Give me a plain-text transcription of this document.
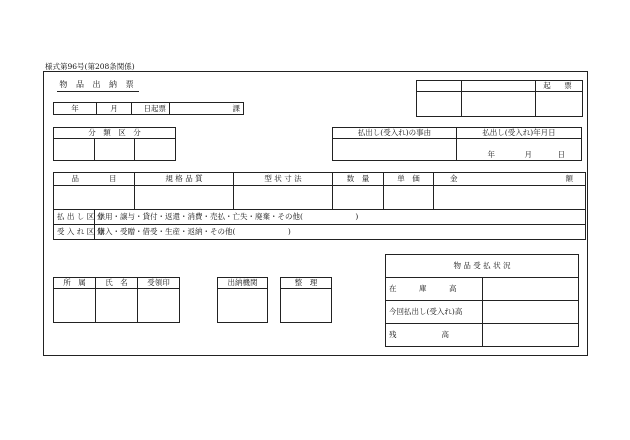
様式第96号(第208条関係)
物 品 出 納 票
			起　票

年	月	日起票	課
分　類　区　分
			払出し(受入れ)の事由	払出し(受入れ)年月日
	年 月 日
品　　　　目		規 格 品 質	型 状 寸 法	数　量	単　価	金 額

払 出 し 区 分	供用・譲与・貸付・返還・消費・売払・亡失・廃棄・その他(　　　　　　　)					
受 入 れ 区 分	購入・受贈・借受・生産・返納・その他(　　　　　　　)					
所　属	氏　名	受領印
			出納機関	整　理

物 品 受 払 状 況	
在　　　庫　　　高	
今回払出し(受入れ)高	
残　　　　　　高	
